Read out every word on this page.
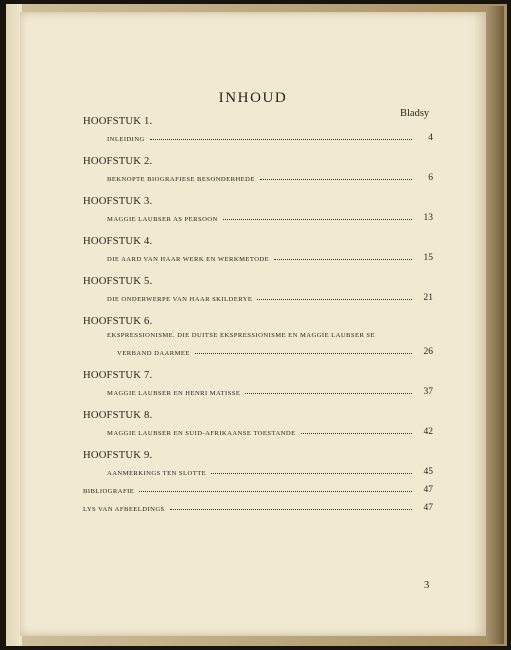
INHOUD
Bladsy

HOOFSTUK 1.

INLEIDING	4

HOOFSTUK 2.

BEKNOPTE BIOGRAFIESE BESONDERHEDE	6

HOOFSTUK 3.

MAGGIE LAUBSER AS PERSOON	13

HOOFSTUK 4.

DIE AARD VAN HAAR WERK EN WERKMETODE	15

HOOFSTUK 5.

DIE ONDERWERPE VAN HAAR SKILDERYE	21

HOOFSTUK 6.

EKSPRESSIONISME. DIE DUITSE EKSPRESSIONISME EN MAGGIE LAUBSER SE
VERBAND DAARMEE	26

HOOFSTUK 7.

MAGGIE LAUBSER EN HENRI MATISSE	37

HOOFSTUK 8.

MAGGIE LAUBSER EN SUID-AFRIKAANSE TOESTANDE	42

HOOFSTUK 9.

AANMERKINGS TEN SLOTTE	45
BIBLIOGRAFIE	47
LYS VAN AFBEELDINGS	47
3
